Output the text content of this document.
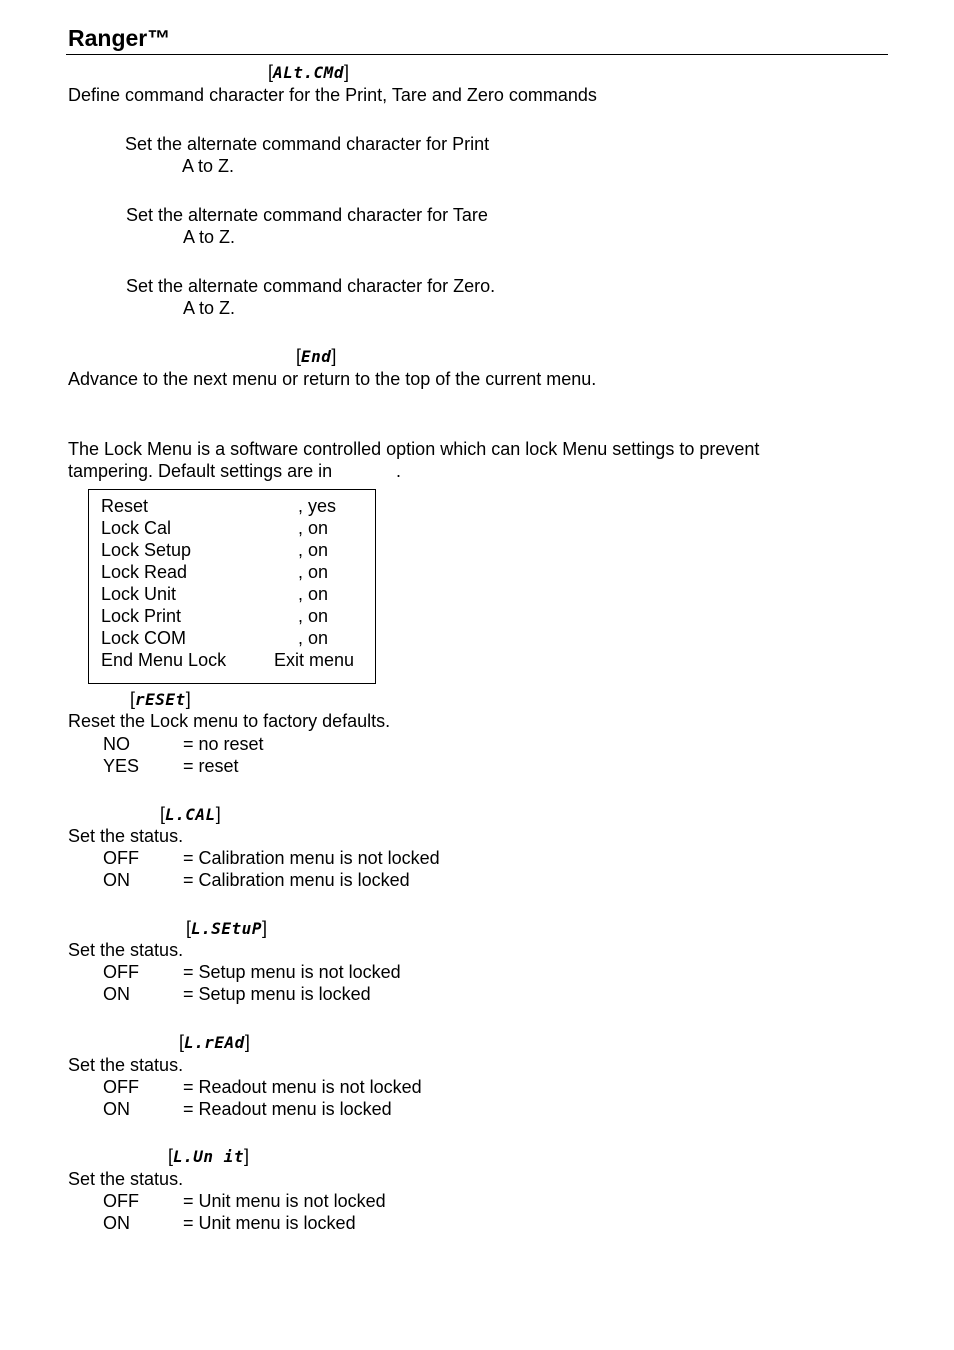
Ranger™
[ALt.CMd]
Define command character for the Print, Tare and Zero commands
Set the alternate command character for Print
A to Z.
Set the alternate command character for Tare
A to Z.
Set the alternate command character for Zero.
A to Z.
[End]
Advance to the next menu or return to the top of the current menu.
The Lock Menu is a software controlled option which can lock Menu settings to prevent
tampering. Default settings are in	.
Reset	, yes
Lock Cal	, on
Lock Setup	, on
Lock Read	, on
Lock Unit	, on
Lock Print	, on
Lock COM	, on
End Menu Lock	Exit menu
[rESEt]
Reset the Lock menu to factory defaults.
NO	= no reset
YES = reset
[L.CAL]
Set the status.
OFF = Calibration menu is not locked
ON	= Calibration menu is locked
[L.SEtuP]
Set the status.
OFF = Setup menu is not locked
ON	= Setup menu is locked
[L.rEAd]
Set the status.
OFF = Readout menu is not locked
ON	= Readout menu is locked
[L.Un it]
Set the status.
OFF = Unit menu is not locked
ON	= Unit menu is locked
